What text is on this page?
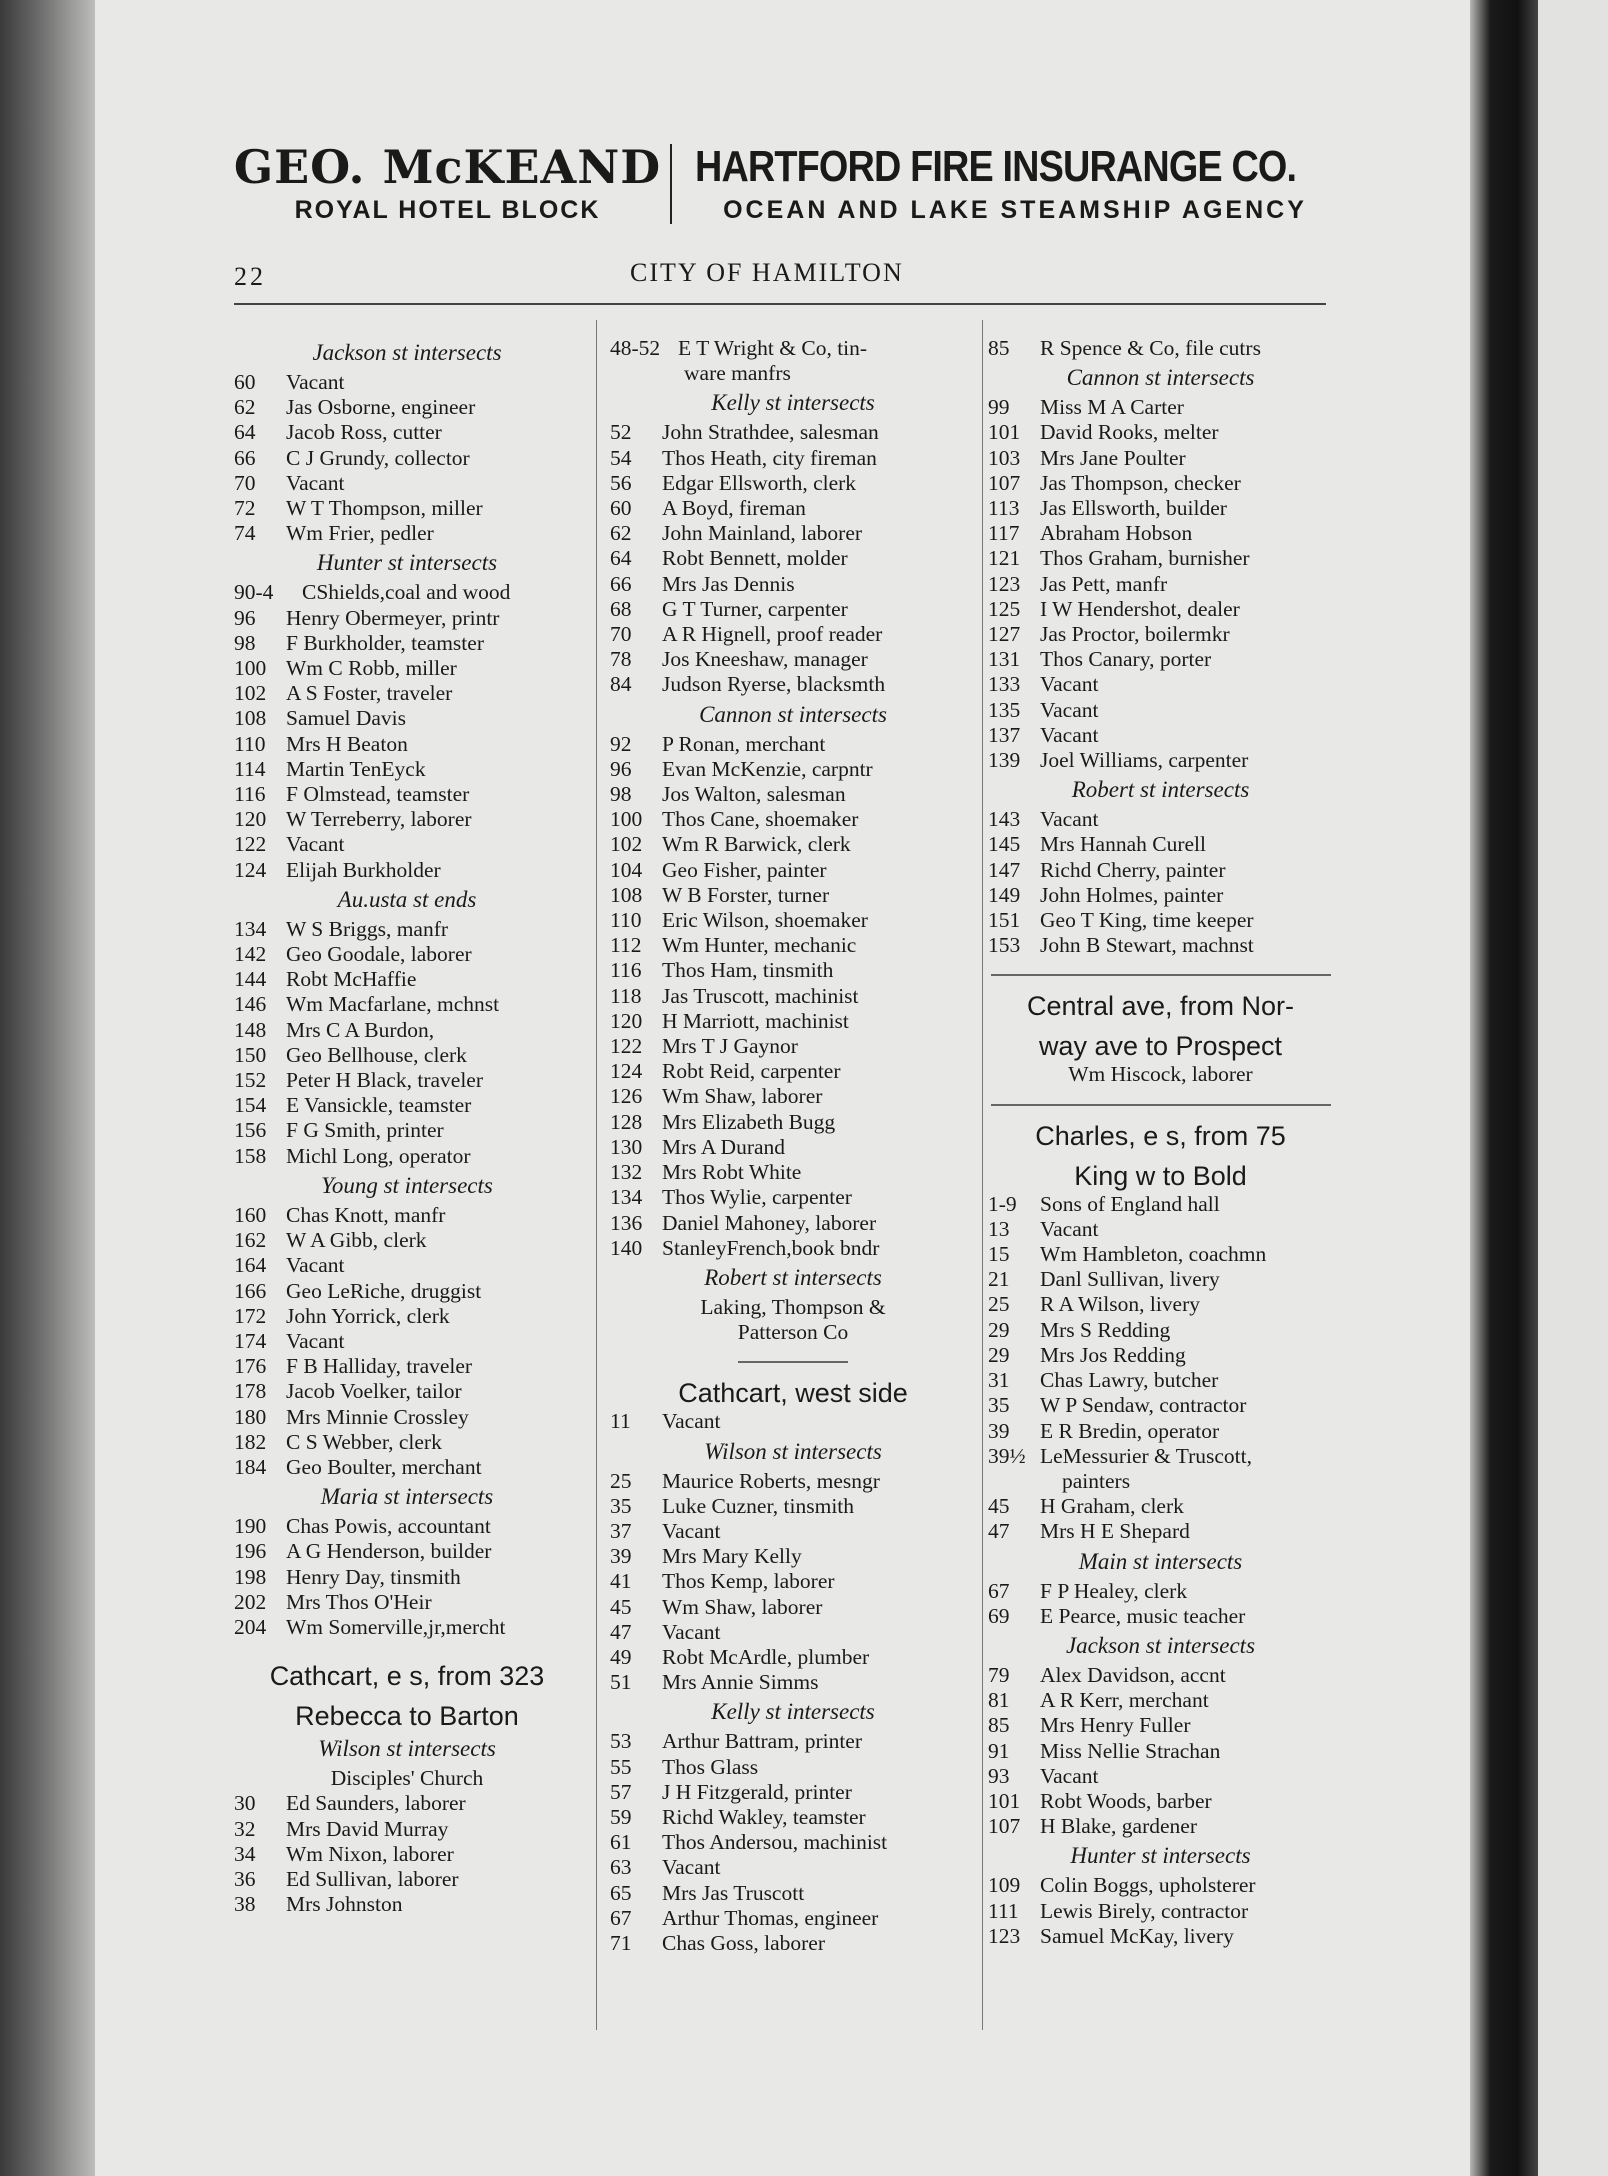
GEO. McKEAND
ROYAL HOTEL BLOCK
HARTFORD FIRE INSURANGE CO.
OCEAN AND LAKE STEAMSHIP AGENCY
22	CITY OF HAMILTON
Jackson st intersects
60 Vacant
62 Jas Osborne, engineer
64 Jacob Ross, cutter
66 C J Grundy, collector
70 Vacant
72 W T Thompson, miller
74 Wm Frier, pedler
Hunter st intersects
90-4 CShields,coal and wood
96 Henry Obermeyer, printr
98 F Burkholder, teamster
100 Wm C Robb, miller
102 A S Foster, traveler
108 Samuel Davis
110 Mrs H Beaton
114 Martin TenEyck
116 F Olmstead, teamster
120 W Terreberry, laborer
122 Vacant
124 Elijah Burkholder
Au.usta st ends
134 W S Briggs, manfr
142 Geo Goodale, laborer
144 Robt McHaffie
146 Wm Macfarlane, mchnst
148 Mrs C A Burdon,
150 Geo Bellhouse, clerk
152 Peter H Black, traveler
154 E Vansickle, teamster
156 F G Smith, printer
158 Michl Long, operator
Young st intersects
160 Chas Knott, manfr
162 W A Gibb, clerk
164 Vacant
166 Geo LeRiche, druggist
172 John Yorrick, clerk
174 Vacant
176 F B Halliday, traveler
178 Jacob Voelker, tailor
180 Mrs Minnie Crossley
182 C S Webber, clerk
184 Geo Boulter, merchant
Maria st intersects
190 Chas Powis, accountant
196 A G Henderson, builder
198 Henry Day, tinsmith
202 Mrs Thos O'Heir
204 Wm Somerville,jr,mercht
Cathcart, e s, from 323
Rebecca to Barton
Wilson st intersects
Disciples' Church
30 Ed Saunders, laborer
32 Mrs David Murray
34 Wm Nixon, laborer
36 Ed Sullivan, laborer
38 Mrs Johnston
48-52 E T Wright & Co, tin-
ware manfrs
Kelly st intersects
52 John Strathdee, salesman
54 Thos Heath, city fireman
56 Edgar Ellsworth, clerk
60 A Boyd, fireman
62 John Mainland, laborer
64 Robt Bennett, molder
66 Mrs Jas Dennis
68 G T Turner, carpenter
70 A R Hignell, proof reader
78 Jos Kneeshaw, manager
84 Judson Ryerse, blacksmth
Cannon st intersects
92 P Ronan, merchant
96 Evan McKenzie, carpntr
98 Jos Walton, salesman
100 Thos Cane, shoemaker
102 Wm R Barwick, clerk
104 Geo Fisher, painter
108 W B Forster, turner
110 Eric Wilson, shoemaker
112 Wm Hunter, mechanic
116 Thos Ham, tinsmith
118 Jas Truscott, machinist
120 H Marriott, machinist
122 Mrs T J Gaynor
124 Robt Reid, carpenter
126 Wm Shaw, laborer
128 Mrs Elizabeth Bugg
130 Mrs A Durand
132 Mrs Robt White
134 Thos Wylie, carpenter
136 Daniel Mahoney, laborer
140 StanleyFrench,book bndr
Robert st intersects
Laking, Thompson &
Patterson Co
Cathcart, west side
11 Vacant
Wilson st intersects
25 Maurice Roberts, mesngr
35 Luke Cuzner, tinsmith
37 Vacant
39 Mrs Mary Kelly
41 Thos Kemp, laborer
45 Wm Shaw, laborer
47 Vacant
49 Robt McArdle, plumber
51 Mrs Annie Simms
Kelly st intersects
53 Arthur Battram, printer
55 Thos Glass
57 J H Fitzgerald, printer
59 Richd Wakley, teamster
61 Thos Andersou, machinist
63 Vacant
65 Mrs Jas Truscott
67 Arthur Thomas, engineer
71 Chas Goss, laborer
85 R Spence & Co, file cutrs
Cannon st intersects
99 Miss M A Carter
101 David Rooks, melter
103 Mrs Jane Poulter
107 Jas Thompson, checker
113 Jas Ellsworth, builder
117 Abraham Hobson
121 Thos Graham, burnisher
123 Jas Pett, manfr
125 I W Hendershot, dealer
127 Jas Proctor, boilermkr
131 Thos Canary, porter
133 Vacant
135 Vacant
137 Vacant
139 Joel Williams, carpenter
Robert st intersects
143 Vacant
145 Mrs Hannah Curell
147 Richd Cherry, painter
149 John Holmes, painter
151 Geo T King, time keeper
153 John B Stewart, machnst
Central ave, from Nor-
way ave to Prospect
Wm Hiscock, laborer
Charles, e s, from 75
King w to Bold
1-9 Sons of England hall
13 Vacant
15 Wm Hambleton, coachmn
21 Danl Sullivan, livery
25 R A Wilson, livery
29 Mrs S Redding
29 Mrs Jos Redding
31 Chas Lawry, butcher
35 W P Sendaw, contractor
39 E R Bredin, operator
39½ LeMessurier & Truscott,
painters
45 H Graham, clerk
47 Mrs H E Shepard
Main st intersects
67 F P Healey, clerk
69 E Pearce, music teacher
Jackson st intersects
79 Alex Davidson, accnt
81 A R Kerr, merchant
85 Mrs Henry Fuller
91 Miss Nellie Strachan
93 Vacant
101 Robt Woods, barber
107 H Blake, gardener
Hunter st intersects
109 Colin Boggs, upholsterer
111 Lewis Birely, contractor
123 Samuel McKay, livery
